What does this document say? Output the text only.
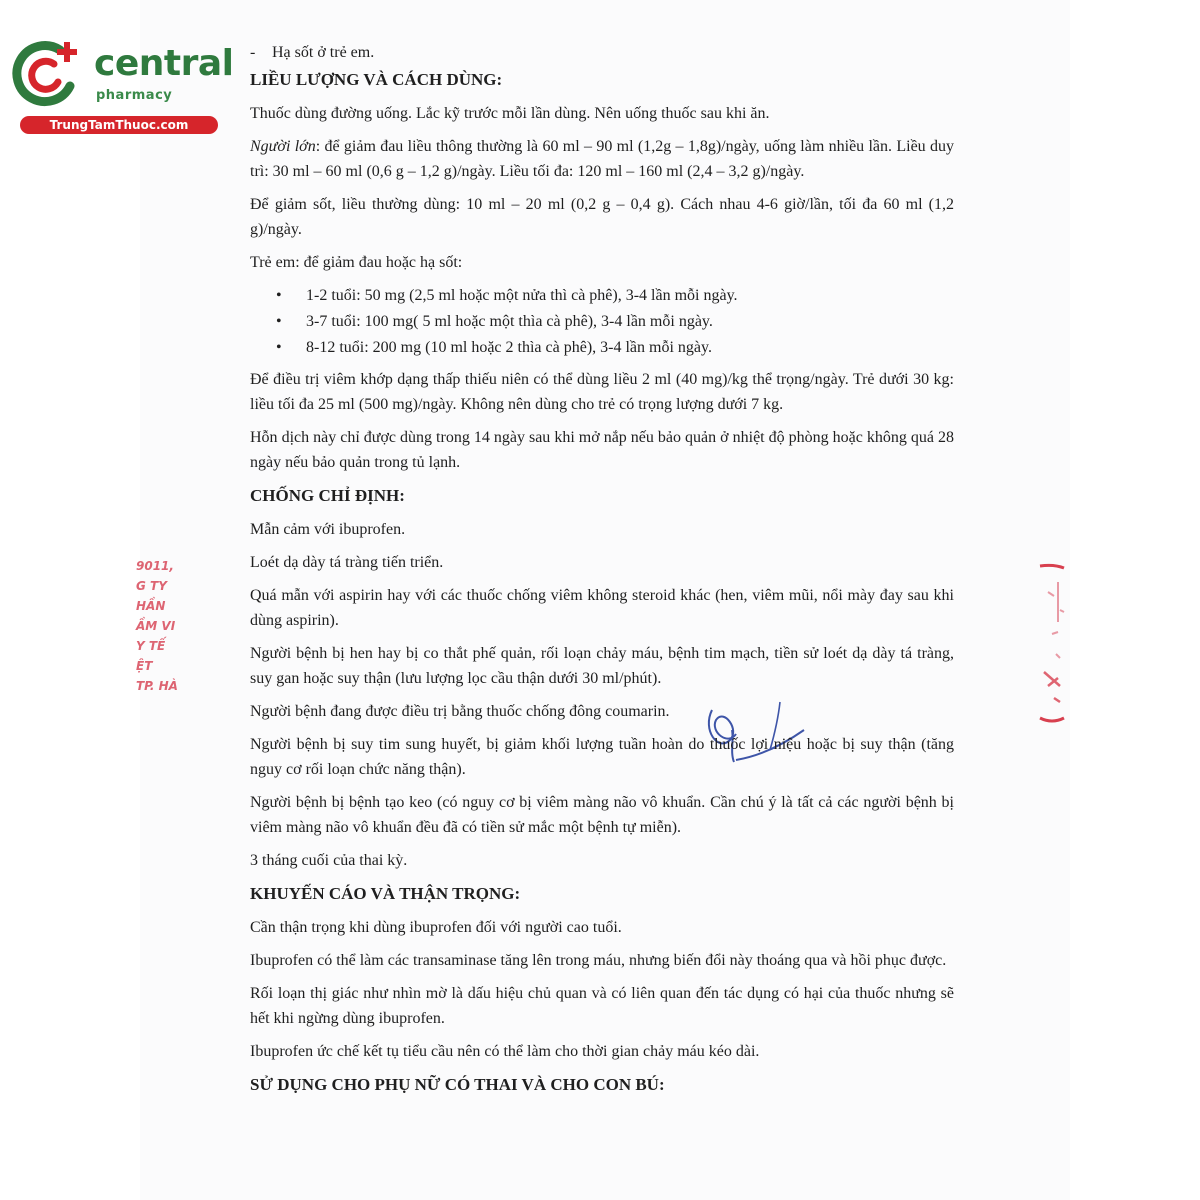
central
pharmacy
TrungTamThuoc.com
9011,
G TY
HẦN
ẦM VI
Y TẾ
ỆT
TP. HÀ
- Hạ sốt ở trẻ em.
LIỀU LƯỢNG VÀ CÁCH DÙNG:
Thuốc dùng đường uống. Lắc kỹ trước mỗi lần dùng. Nên uống thuốc sau khi ăn.
Người lớn: để giảm đau liều thông thường là 60 ml – 90 ml (1,2g – 1,8g)/ngày, uống làm nhiều lần. Liều duy trì: 30 ml – 60 ml (0,6 g – 1,2 g)/ngày. Liều tối đa: 120 ml – 160 ml (2,4 – 3,2 g)/ngày.
Để giảm sốt, liều thường dùng: 10 ml – 20 ml (0,2 g – 0,4 g). Cách nhau 4-6 giờ/lần, tối đa 60 ml (1,2 g)/ngày.
Trẻ em: để giảm đau hoặc hạ sốt:
• 1-2 tuổi: 50 mg (2,5 ml hoặc một nửa thì cà phê), 3-4 lần mỗi ngày.
• 3-7 tuổi: 100 mg( 5 ml hoặc một thìa cà phê), 3-4 lần mỗi ngày.
• 8-12 tuổi: 200 mg (10 ml hoặc 2 thìa cà phê), 3-4 lần mỗi ngày.
Để điều trị viêm khớp dạng thấp thiếu niên có thể dùng liều 2 ml (40 mg)/kg thể trọng/ngày. Trẻ dưới 30 kg: liều tối đa 25 ml (500 mg)/ngày. Không nên dùng cho trẻ có trọng lượng dưới 7 kg.
Hỗn dịch này chỉ được dùng trong 14 ngày sau khi mở nắp nếu bảo quản ở nhiệt độ phòng hoặc không quá 28 ngày nếu bảo quản trong tủ lạnh.
CHỐNG CHỈ ĐỊNH:
Mẫn cảm với ibuprofen.
Loét dạ dày tá tràng tiến triển.
Quá mẫn với aspirin hay với các thuốc chống viêm không steroid khác (hen, viêm mũi, nổi mày đay sau khi dùng aspirin).
Người bệnh bị hen hay bị co thắt phế quản, rối loạn chảy máu, bệnh tim mạch, tiền sử loét dạ dày tá tràng, suy gan hoặc suy thận (lưu lượng lọc cầu thận dưới 30 ml/phút).
Người bệnh đang được điều trị bằng thuốc chống đông coumarin.
Người bệnh bị suy tim sung huyết, bị giảm khối lượng tuần hoàn do thuốc lợi niệu hoặc bị suy thận (tăng nguy cơ rối loạn chức năng thận).
Người bệnh bị bệnh tạo keo (có nguy cơ bị viêm màng não vô khuẩn. Cần chú ý là tất cả các người bệnh bị viêm màng não vô khuẩn đều đã có tiền sử mắc một bệnh tự miễn).
3 tháng cuối của thai kỳ.
KHUYẾN CÁO VÀ THẬN TRỌNG:
Cần thận trọng khi dùng ibuprofen đối với người cao tuổi.
Ibuprofen có thể làm các transaminase tăng lên trong máu, nhưng biến đổi này thoáng qua và hồi phục được.
Rối loạn thị giác như nhìn mờ là dấu hiệu chủ quan và có liên quan đến tác dụng có hại của thuốc nhưng sẽ hết khi ngừng dùng ibuprofen.
Ibuprofen ức chế kết tụ tiểu cầu nên có thể làm cho thời gian chảy máu kéo dài.
SỬ DỤNG CHO PHỤ NỮ CÓ THAI VÀ CHO CON BÚ:
